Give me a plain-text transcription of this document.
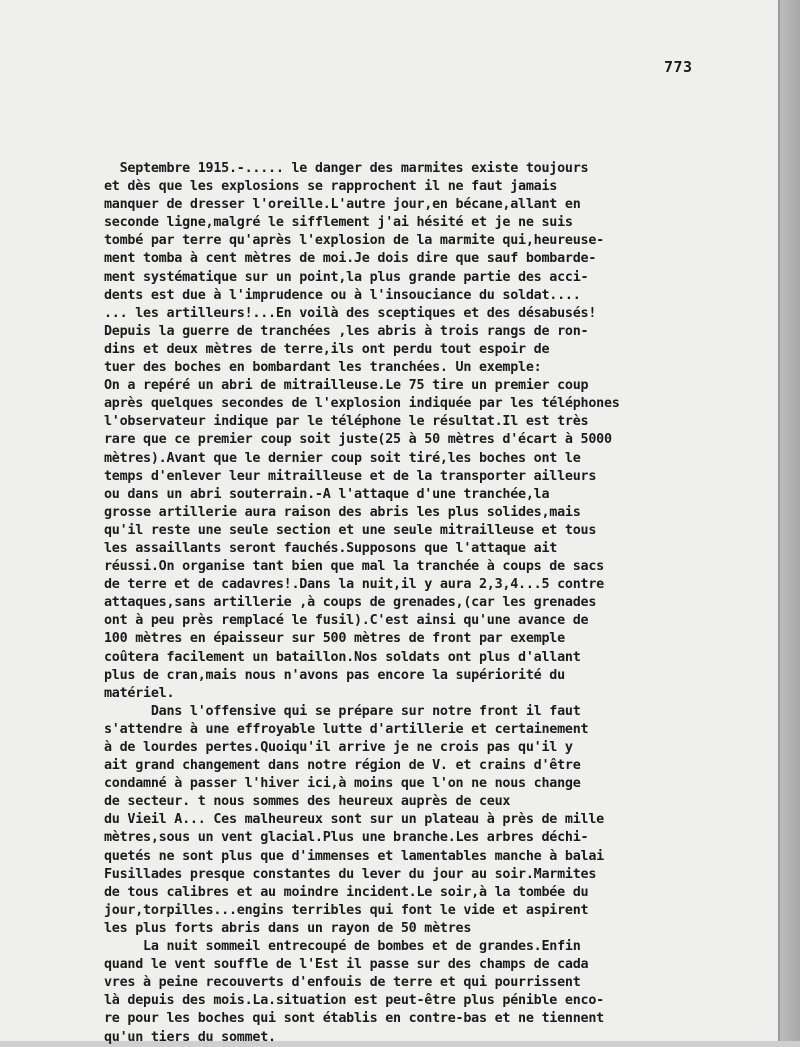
773
Septembre 1915.-..... le danger des marmites existe toujours
et dès que les explosions se rapprochent il ne faut jamais
manquer de dresser l'oreille.L'autre jour,en bécane,allant en
seconde ligne,malgré le sifflement j'ai hésité et je ne suis
tombé par terre qu'après l'explosion de la marmite qui,heureuse-
ment tomba à cent mètres de moi.Je dois dire que sauf bombarde-
ment systématique sur un point,la plus grande partie des acci-
dents est due à l'imprudence ou à l'insouciance du soldat....
... les artilleurs!...En voilà des sceptiques et des désabusés!
Depuis la guerre de tranchées ,les abris à trois rangs de ron-
dins et deux mètres de terre,ils ont perdu tout espoir de
tuer des boches en bombardant les tranchées. Un exemple:
On a repéré un abri de mitrailleuse.Le 75 tire un premier coup
après quelques secondes de l'explosion indiquée par les téléphones
l'observateur indique par le téléphone le résultat.Il est très
rare que ce premier coup soit juste(25 à 50 mètres d'écart à 5000
mètres).Avant que le dernier coup soit tiré,les boches ont le
temps d'enlever leur mitrailleuse et de la transporter ailleurs
ou dans un abri souterrain.-A l'attaque d'une tranchée,la
grosse artillerie aura raison des abris les plus solides,mais
qu'il reste une seule section et une seule mitrailleuse et tous
les assaillants seront fauchés.Supposons que l'attaque ait
réussi.On organise tant bien que mal la tranchée à coups de sacs
de terre et de cadavres!.Dans la nuit,il y aura 2,3,4...5 contre
attaques,sans artillerie ,à coups de grenades,(car les grenades
ont à peu près remplacé le fusil).C'est ainsi qu'une avance de
100 mètres en épaisseur sur 500 mètres de front par exemple
coûtera facilement un bataillon.Nos soldats ont plus d'allant
plus de cran,mais nous n'avons pas encore la supériorité du
matériel.
Dans l'offensive qui se prépare sur notre front il faut
s'attendre à une effroyable lutte d'artillerie et certainement
à de lourdes pertes.Quoiqu'il arrive je ne crois pas qu'il y
ait grand changement dans notre région de V. et crains d'être
condamné à passer l'hiver ici,à moins que l'on ne nous change
de secteur. t nous sommes des heureux auprès de ceux
du Vieil A... Ces malheureux sont sur un plateau à près de mille
mètres,sous un vent glacial.Plus une branche.Les arbres déchi-
quetés ne sont plus que d'immenses et lamentables manche à balai
Fusillades presque constantes du lever du jour au soir.Marmites
de tous calibres et au moindre incident.Le soir,à la tombée du
jour,torpilles...engins terribles qui font le vide et aspirent
les plus forts abris dans un rayon de 50 mètres
La nuit sommeil entrecoupé de bombes et de grandes.Enfin
quand le vent souffle de l'Est il passe sur des champs de cada
vres à peine recouverts d'enfouis de terre et qui pourrissent
là depuis des mois.La.situation est peut-être plus pénible enco-
re pour les boches qui sont établis en contre-bas et ne tiennent
qu'un tiers du sommet.
